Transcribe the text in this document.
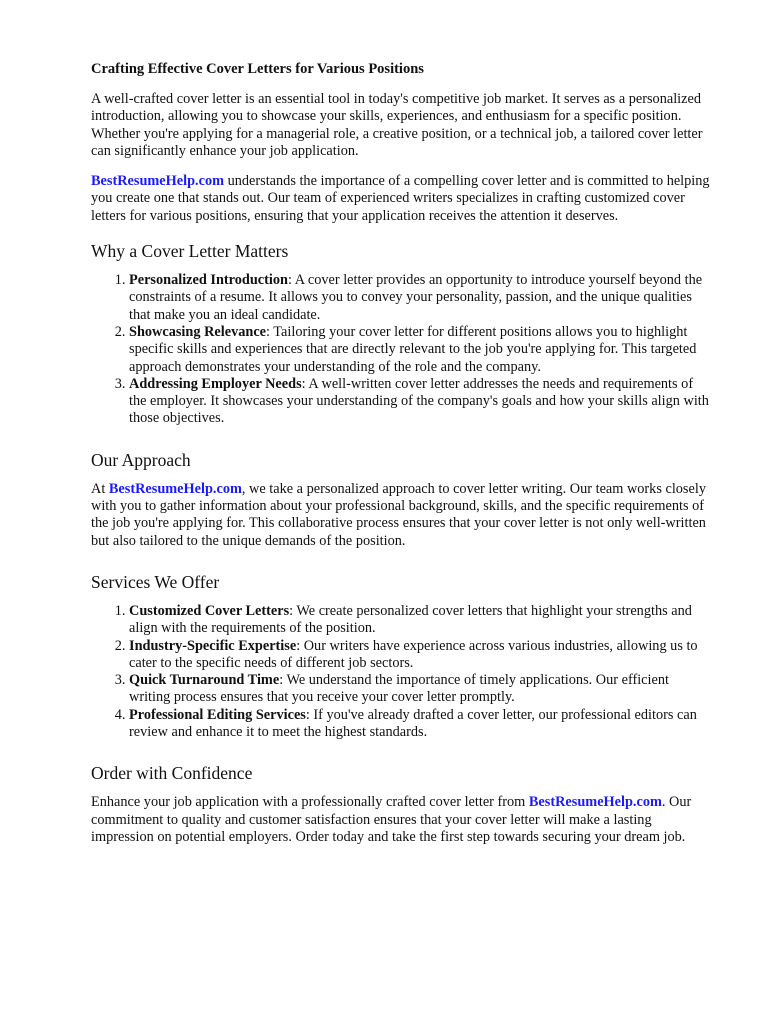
Crafting Effective Cover Letters for Various Positions

A well-crafted cover letter is an essential tool in today's competitive job market. It serves as a personalized introduction, allowing you to showcase your skills, experiences, and enthusiasm for a specific position. Whether you're applying for a managerial role, a creative position, or a technical job, a tailored cover letter can significantly enhance your job application.

BestResumeHelp.com understands the importance of a compelling cover letter and is committed to helping you create one that stands out. Our team of experienced writers specializes in crafting customized cover letters for various positions, ensuring that your application receives the attention it deserves.

Why a Cover Letter Matters
1. Personalized Introduction: A cover letter provides an opportunity to introduce yourself beyond the constraints of a resume. It allows you to convey your personality, passion, and the unique qualities that make you an ideal candidate.
2. Showcasing Relevance: Tailoring your cover letter for different positions allows you to highlight specific skills and experiences that are directly relevant to the job you're applying for. This targeted approach demonstrates your understanding of the role and the company.
3. Addressing Employer Needs: A well-written cover letter addresses the needs and requirements of the employer. It showcases your understanding of the company's goals and how your skills align with those objectives.
Our Approach

At BestResumeHelp.com, we take a personalized approach to cover letter writing. Our team works closely with you to gather information about your professional background, skills, and the specific requirements of the job you're applying for. This collaborative process ensures that your cover letter is not only well-written but also tailored to the unique demands of the position.

Services We Offer
1. Customized Cover Letters: We create personalized cover letters that highlight your strengths and align with the requirements of the position.
2. Industry-Specific Expertise: Our writers have experience across various industries, allowing us to cater to the specific needs of different job sectors.
3. Quick Turnaround Time: We understand the importance of timely applications. Our efficient writing process ensures that you receive your cover letter promptly.
4. Professional Editing Services: If you've already drafted a cover letter, our professional editors can review and enhance it to meet the highest standards.
Order with Confidence

Enhance your job application with a professionally crafted cover letter from BestResumeHelp.com. Our commitment to quality and customer satisfaction ensures that your cover letter will make a lasting impression on potential employers. Order today and take the first step towards securing your dream job.
